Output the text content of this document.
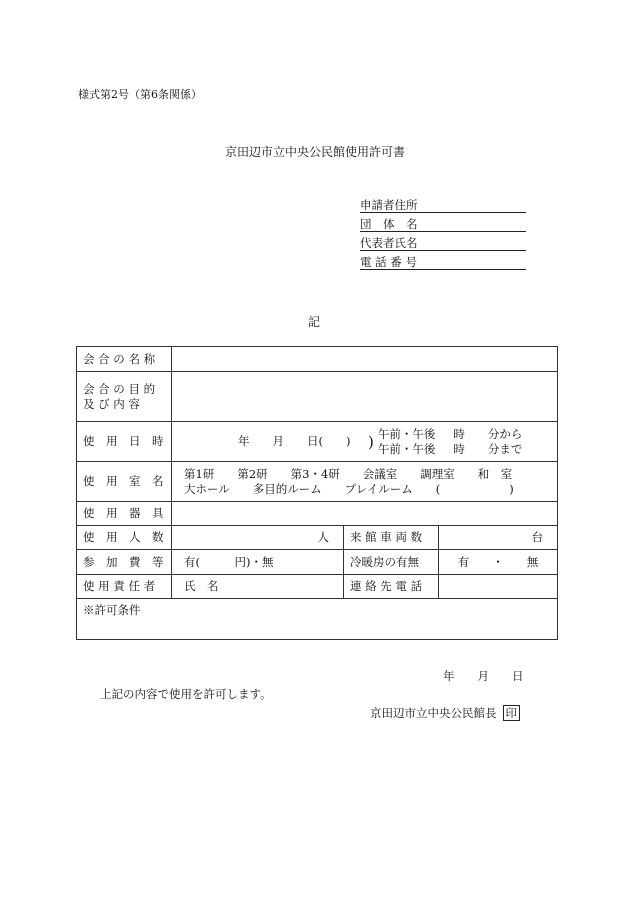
様式第2号（第6条関係）
京田辺市立中央公民館使用許可書
申請者住所
団　体　名
代表者氏名
電 話 番 号
記
会 合 の 名 称			

会 合 の 目 的
及 び 内 容			

使　用　日　時	年　　月　　日(　　) ) 午前・午後 時　　分から
午前・午後 時　　分まで		

使　用　室　名	第1研　　第2研　　第3・4研　　会議室　　調理室　　和　室
大ホール　　多目的ルーム　　プレイルーム　　(　　　　　　)		

使　用　器　具			
使　用　人　数	人	来 館 車 両 数	台
参　加　費　等	有(　　　円)・無	冷暖房の有無	有　　・　　無
使 用 責 任 者	氏　名	連 絡 先 電 話	
※許可条件			
年　　月　　日
上記の内容で使用を許可します。
京田辺市立中央公民館長 印
